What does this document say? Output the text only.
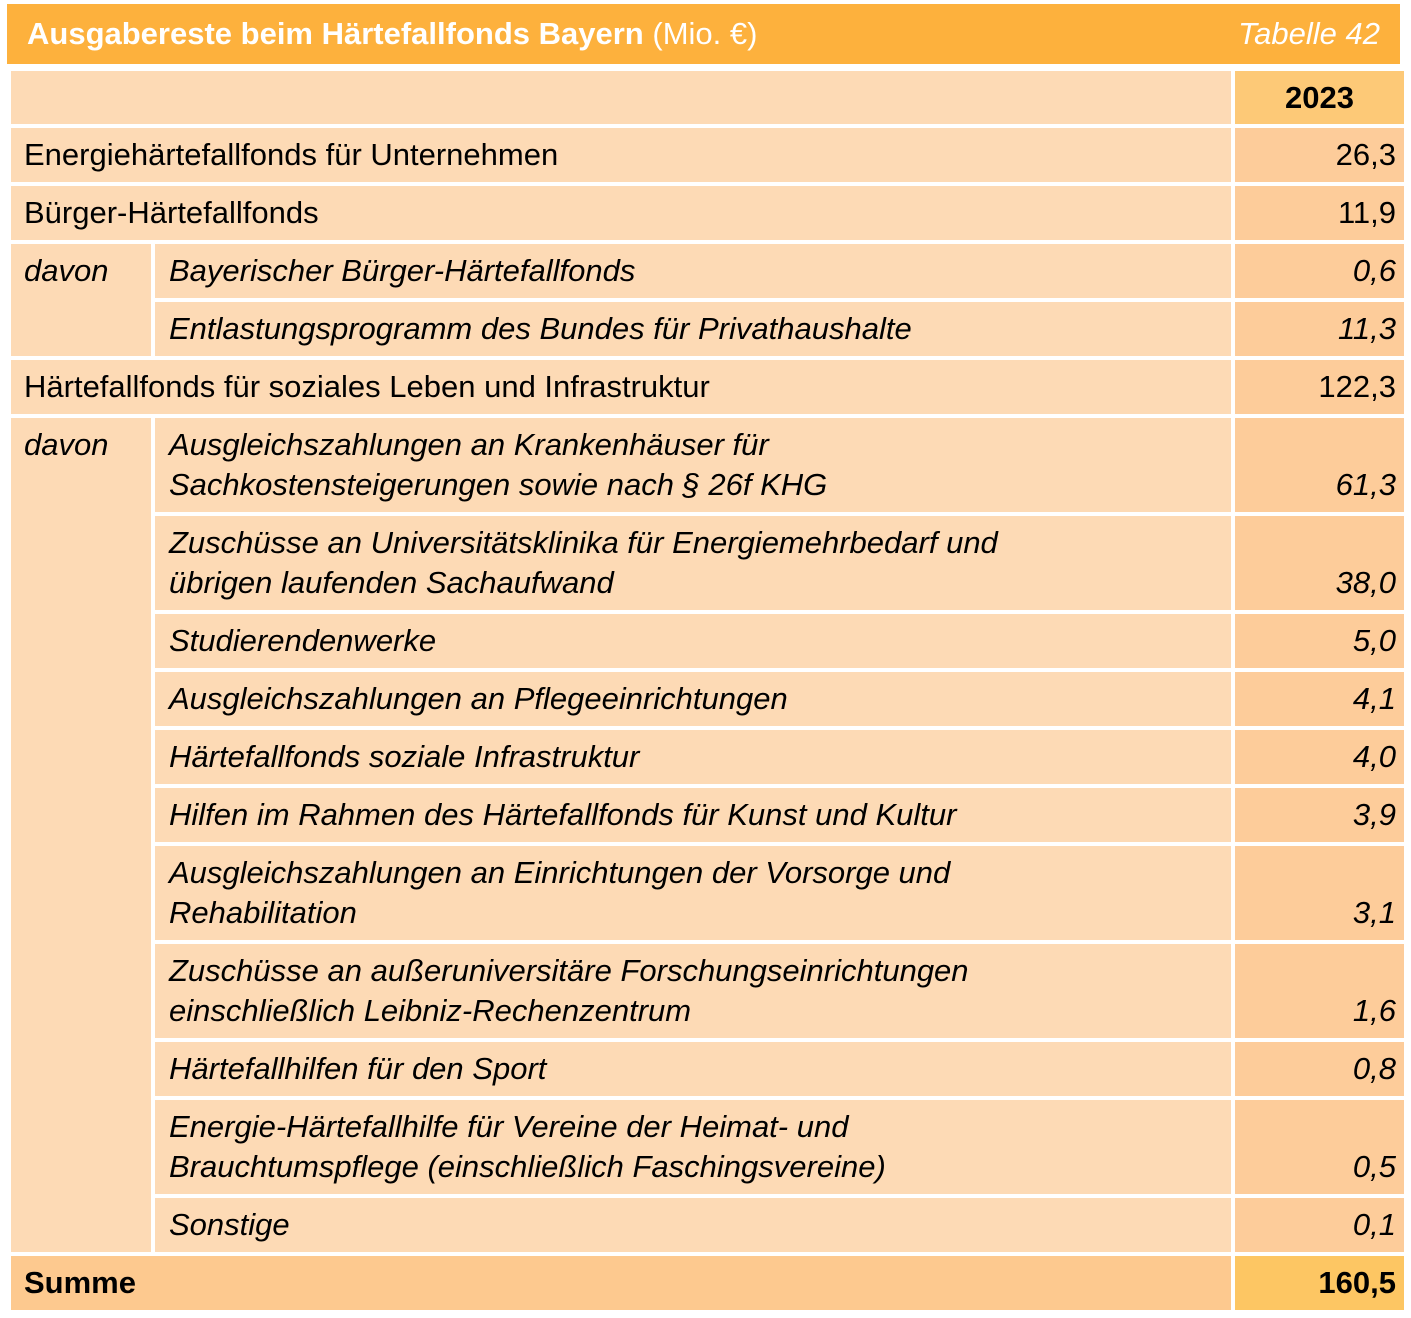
Ausgabereste beim Härtefallfonds Bayern (Mio. €)	Tabelle 42
		2023
Energiehärtefallfonds für Unternehmen		26,3
Bürger-Härtefallfonds		11,9
davon	Bayerischer Bürger-Härtefallfonds	0,6
	Entlastungsprogramm des Bundes für Privathaushalte	11,3
Härtefallfonds für soziales Leben und Infrastruktur		122,3
davon	Ausgleichszahlungen an Krankenhäuser für
Sachkostensteigerungen sowie nach § 26f KHG	61,3

	Zuschüsse an Universitätsklinika für Energiemehrbedarf und
übrigen laufenden Sachaufwand	38,0
	Studierendenwerke	5,0
	Ausgleichszahlungen an Pflegeeinrichtungen	4,1
	Härtefallfonds soziale Infrastruktur	4,0
	Hilfen im Rahmen des Härtefallfonds für Kunst und Kultur	3,9

	Ausgleichszahlungen an Einrichtungen der Vorsorge und
Rehabilitation	3,1

	Zuschüsse an außeruniversitäre Forschungseinrichtungen
einschließlich Leibniz-Rechenzentrum	1,6
	Härtefallhilfen für den Sport	0,8

	Energie-Härtefallhilfe für Vereine der Heimat- und
Brauchtumspflege (einschließlich Faschingsvereine)	0,5
	Sonstige	0,1
Summe		160,5
